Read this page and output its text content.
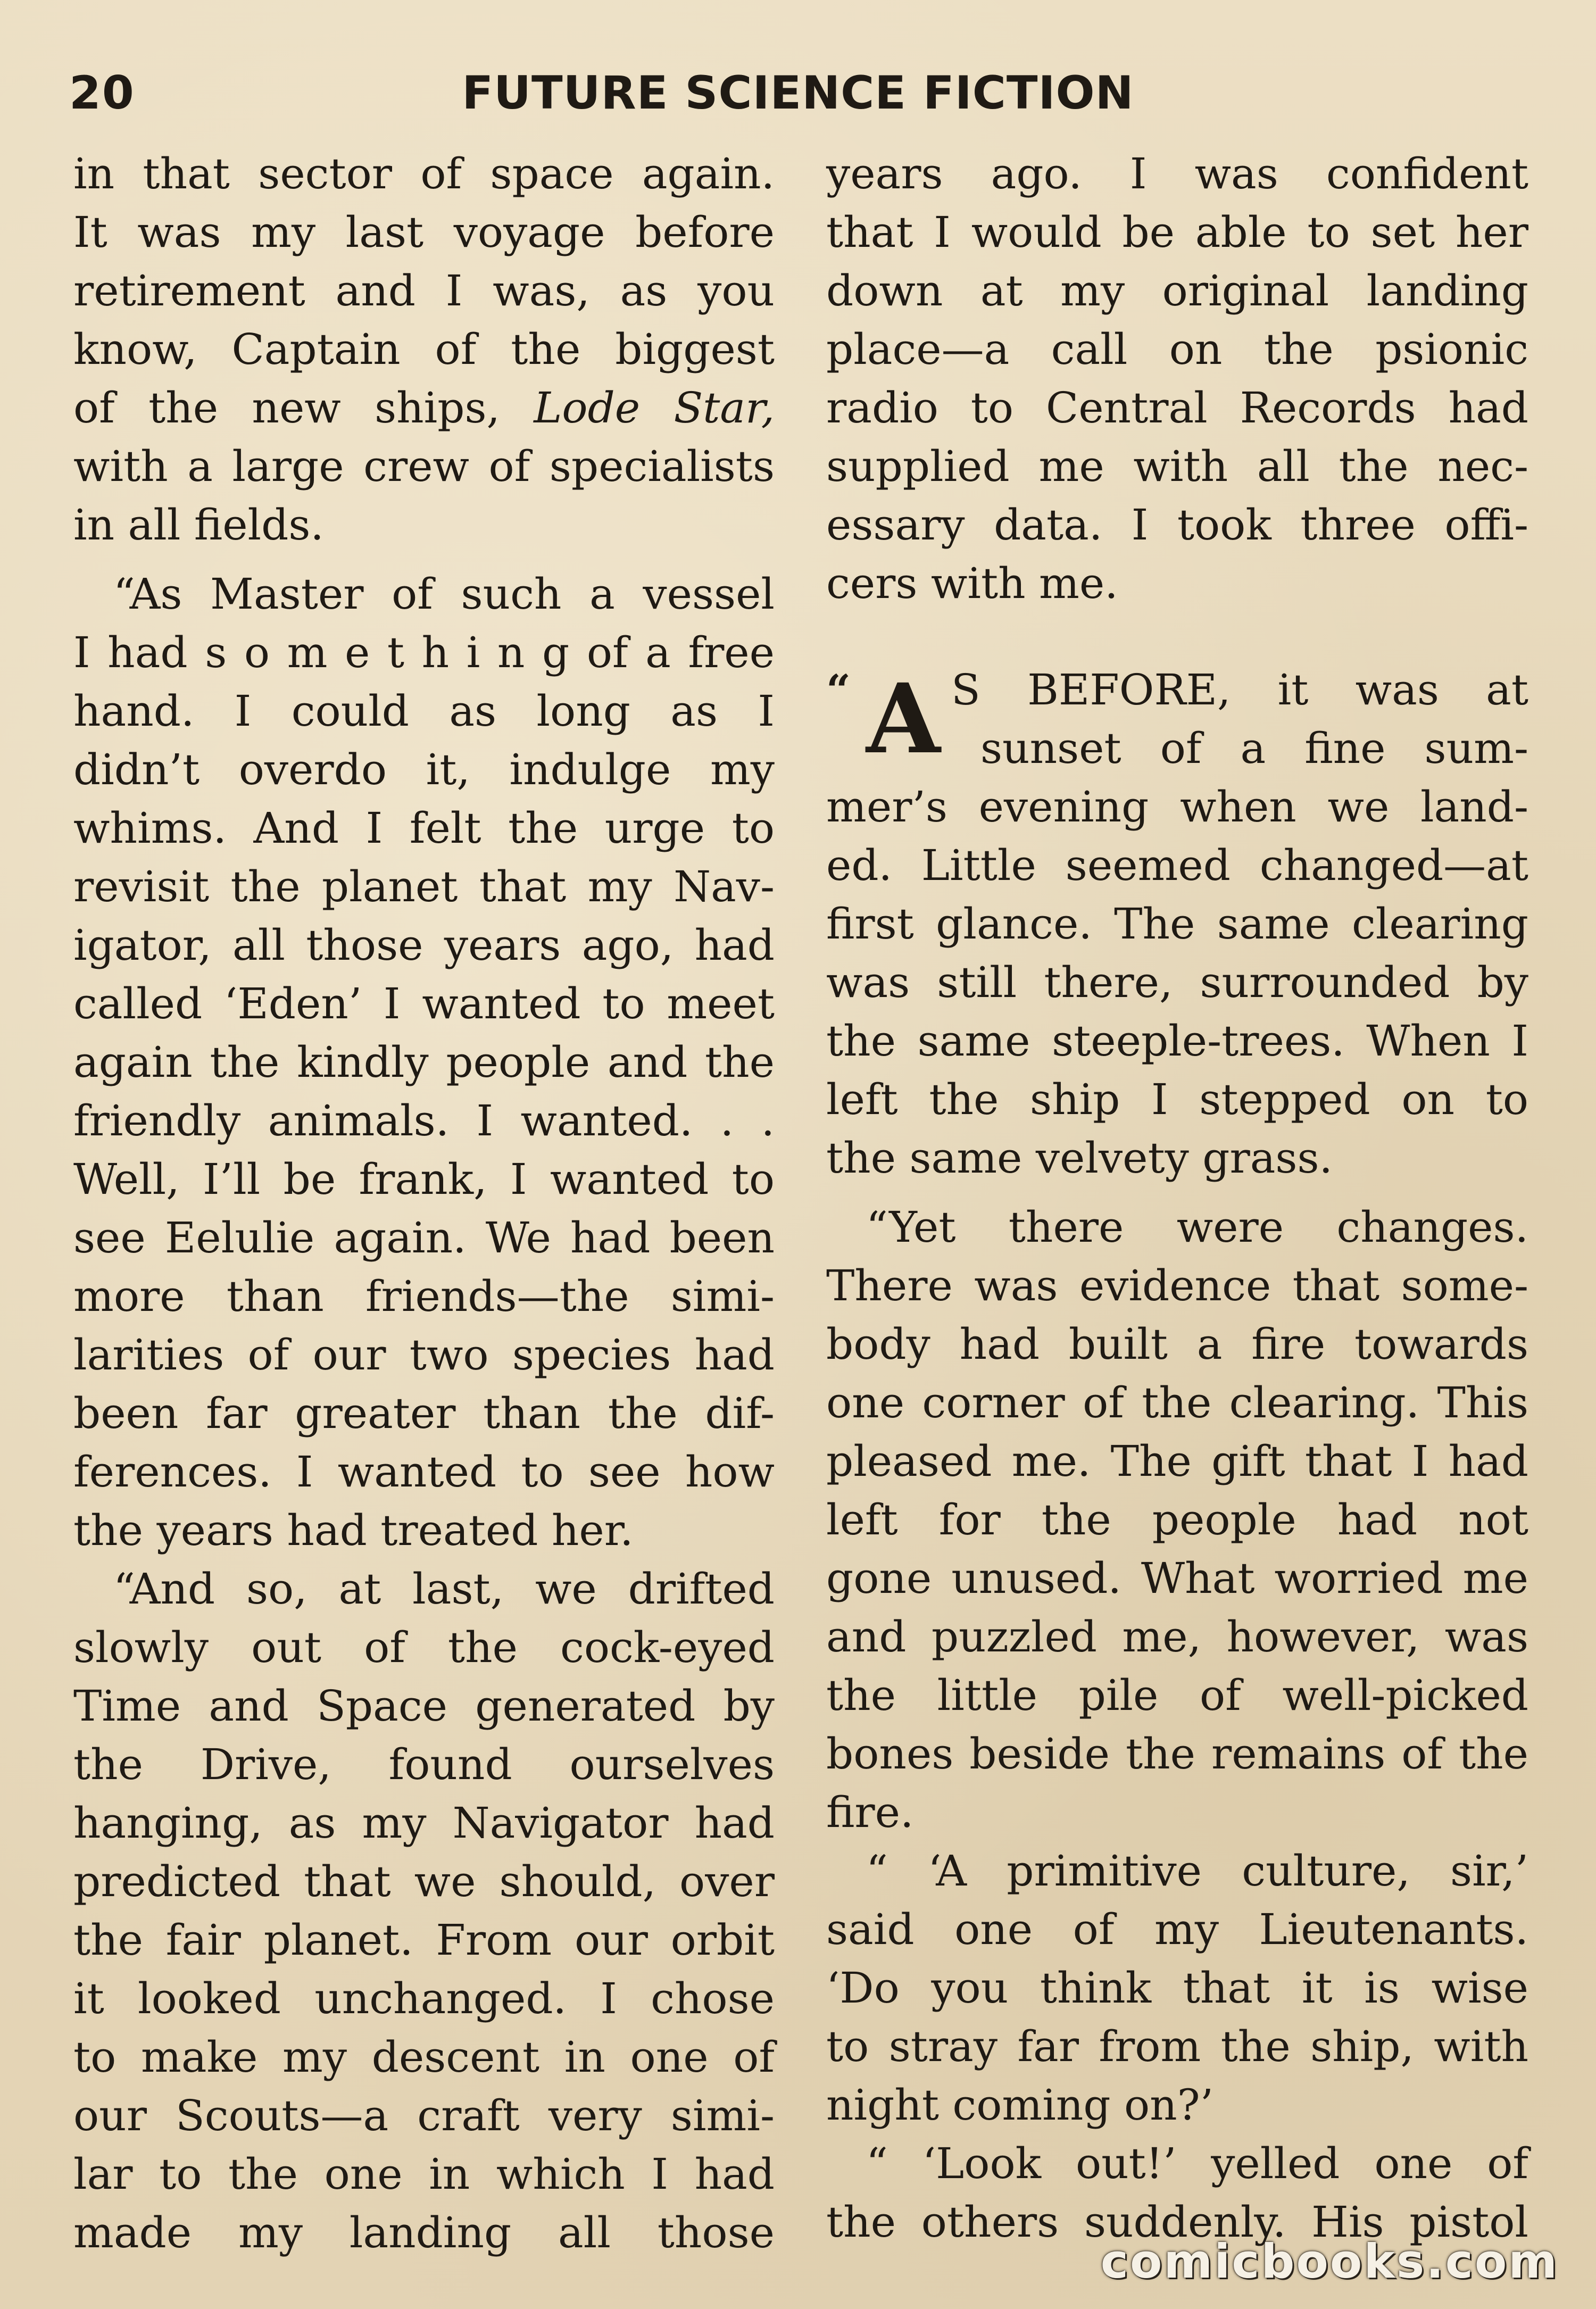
FUTURE SCIENCE FICTION
20
in that sector of space again.
It was my last voyage before
retirement and I was, as you
know, Captain of the biggest
of the new ships, Lode Star,
with a large crew of specialists
in all fields.
“As Master of such a vessel
I had s o m e t h i n g of a free
hand. I could as long as I
didn’t overdo it, indulge my
whims. And I felt the urge to
revisit the planet that my Nav-
igator, all those years ago, had
called ‘Eden’ I wanted to meet
again the kindly people and the
friendly animals. I wanted. . .
Well, I’ll be frank, I wanted to
see Eelulie again. We had been
more than friends—the simi-
larities of our two species had
been far greater than the dif-
ferences. I wanted to see how
the years had treated her.
“And so, at last, we drifted
slowly out of the cock-eyed
Time and Space generated by
the Drive, found ourselves
hanging, as my Navigator had
predicted that we should, over
the fair planet. From our orbit
it looked unchanged. I chose
to make my descent in one of
our Scouts—a craft very simi-
lar to the one in which I had
made my landing all those
years ago. I was confident
that I would be able to set her
down at my original landing
place—a call on the psionic
radio to Central Records had
supplied me with all the nec-
essary data. I took three offi-
cers with me.
“ A S BEFORE, it was at
sunset of a fine sum-
mer’s evening when we land-
ed. Little seemed changed—at
first glance. The same clearing
was still there, surrounded by
the same steeple-trees. When I
left the ship I stepped on to
the same velvety grass.
“Yet there were changes.
There was evidence that some-
body had built a fire towards
one corner of the clearing. This
pleased me. The gift that I had
left for the people had not
gone unused. What worried me
and puzzled me, however, was
the little pile of well-picked
bones beside the remains of the
fire.
“ ‘A primitive culture, sir,’
said one of my Lieutenants.
‘Do you think that it is wise
to stray far from the ship, with
night coming on?’
“ ‘Look out!’ yelled one of
the others suddenly. His pistol
comicbooks.com
